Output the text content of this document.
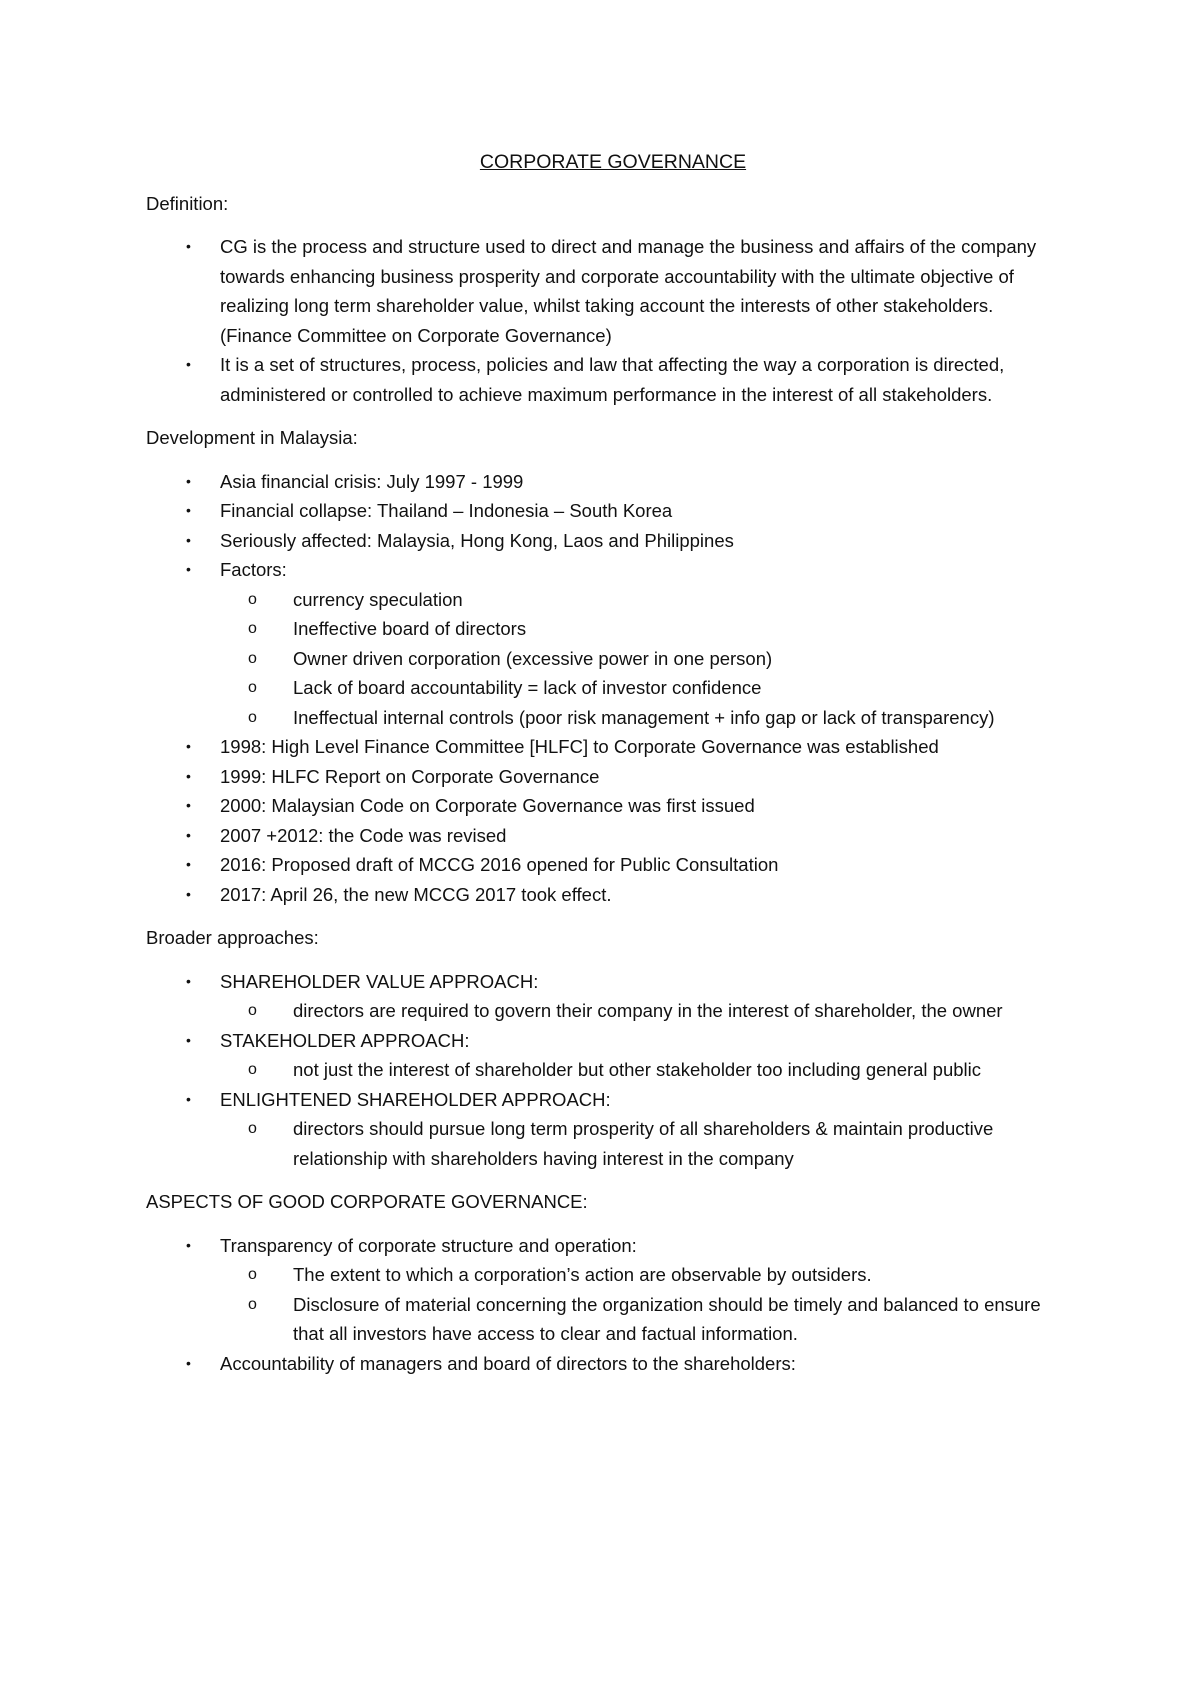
CORPORATE GOVERNANCE
Definition:
• CG is the process and structure used to direct and manage the business and affairs of the company towards enhancing business prosperity and corporate accountability with the ultimate objective of realizing long term shareholder value, whilst taking account the interests of other stakeholders. (Finance Committee on Corporate Governance)
• It is a set of structures, process, policies and law that affecting the way a corporation is directed, administered or controlled to achieve maximum performance in the interest of all stakeholders.
Development in Malaysia:
• Asia financial crisis: July 1997 - 1999
• Financial collapse: Thailand – Indonesia – South Korea
• Seriously affected: Malaysia, Hong Kong, Laos and Philippines
• Factors:
o currency speculation
o Ineffective board of directors
o Owner driven corporation (excessive power in one person)
o Lack of board accountability = lack of investor confidence
o Ineffectual internal controls (poor risk management + info gap or lack of transparency)
• 1998: High Level Finance Committee [HLFC] to Corporate Governance was established
• 1999: HLFC Report on Corporate Governance
• 2000: Malaysian Code on Corporate Governance was first issued
• 2007 +2012: the Code was revised
• 2016: Proposed draft of MCCG 2016 opened for Public Consultation
• 2017: April 26, the new MCCG 2017 took effect.
Broader approaches:
• SHAREHOLDER VALUE APPROACH:
o directors are required to govern their company in the interest of shareholder, the owner
• STAKEHOLDER APPROACH:
o not just the interest of shareholder but other stakeholder too including general public
• ENLIGHTENED SHAREHOLDER APPROACH:
o directors should pursue long term prosperity of all shareholders & maintain productive relationship with shareholders having interest in the company
ASPECTS OF GOOD CORPORATE GOVERNANCE:
• Transparency of corporate structure and operation:
o The extent to which a corporation’s action are observable by outsiders.
o Disclosure of material concerning the organization should be timely and balanced to ensure that all investors have access to clear and factual information.
• Accountability of managers and board of directors to the shareholders:
